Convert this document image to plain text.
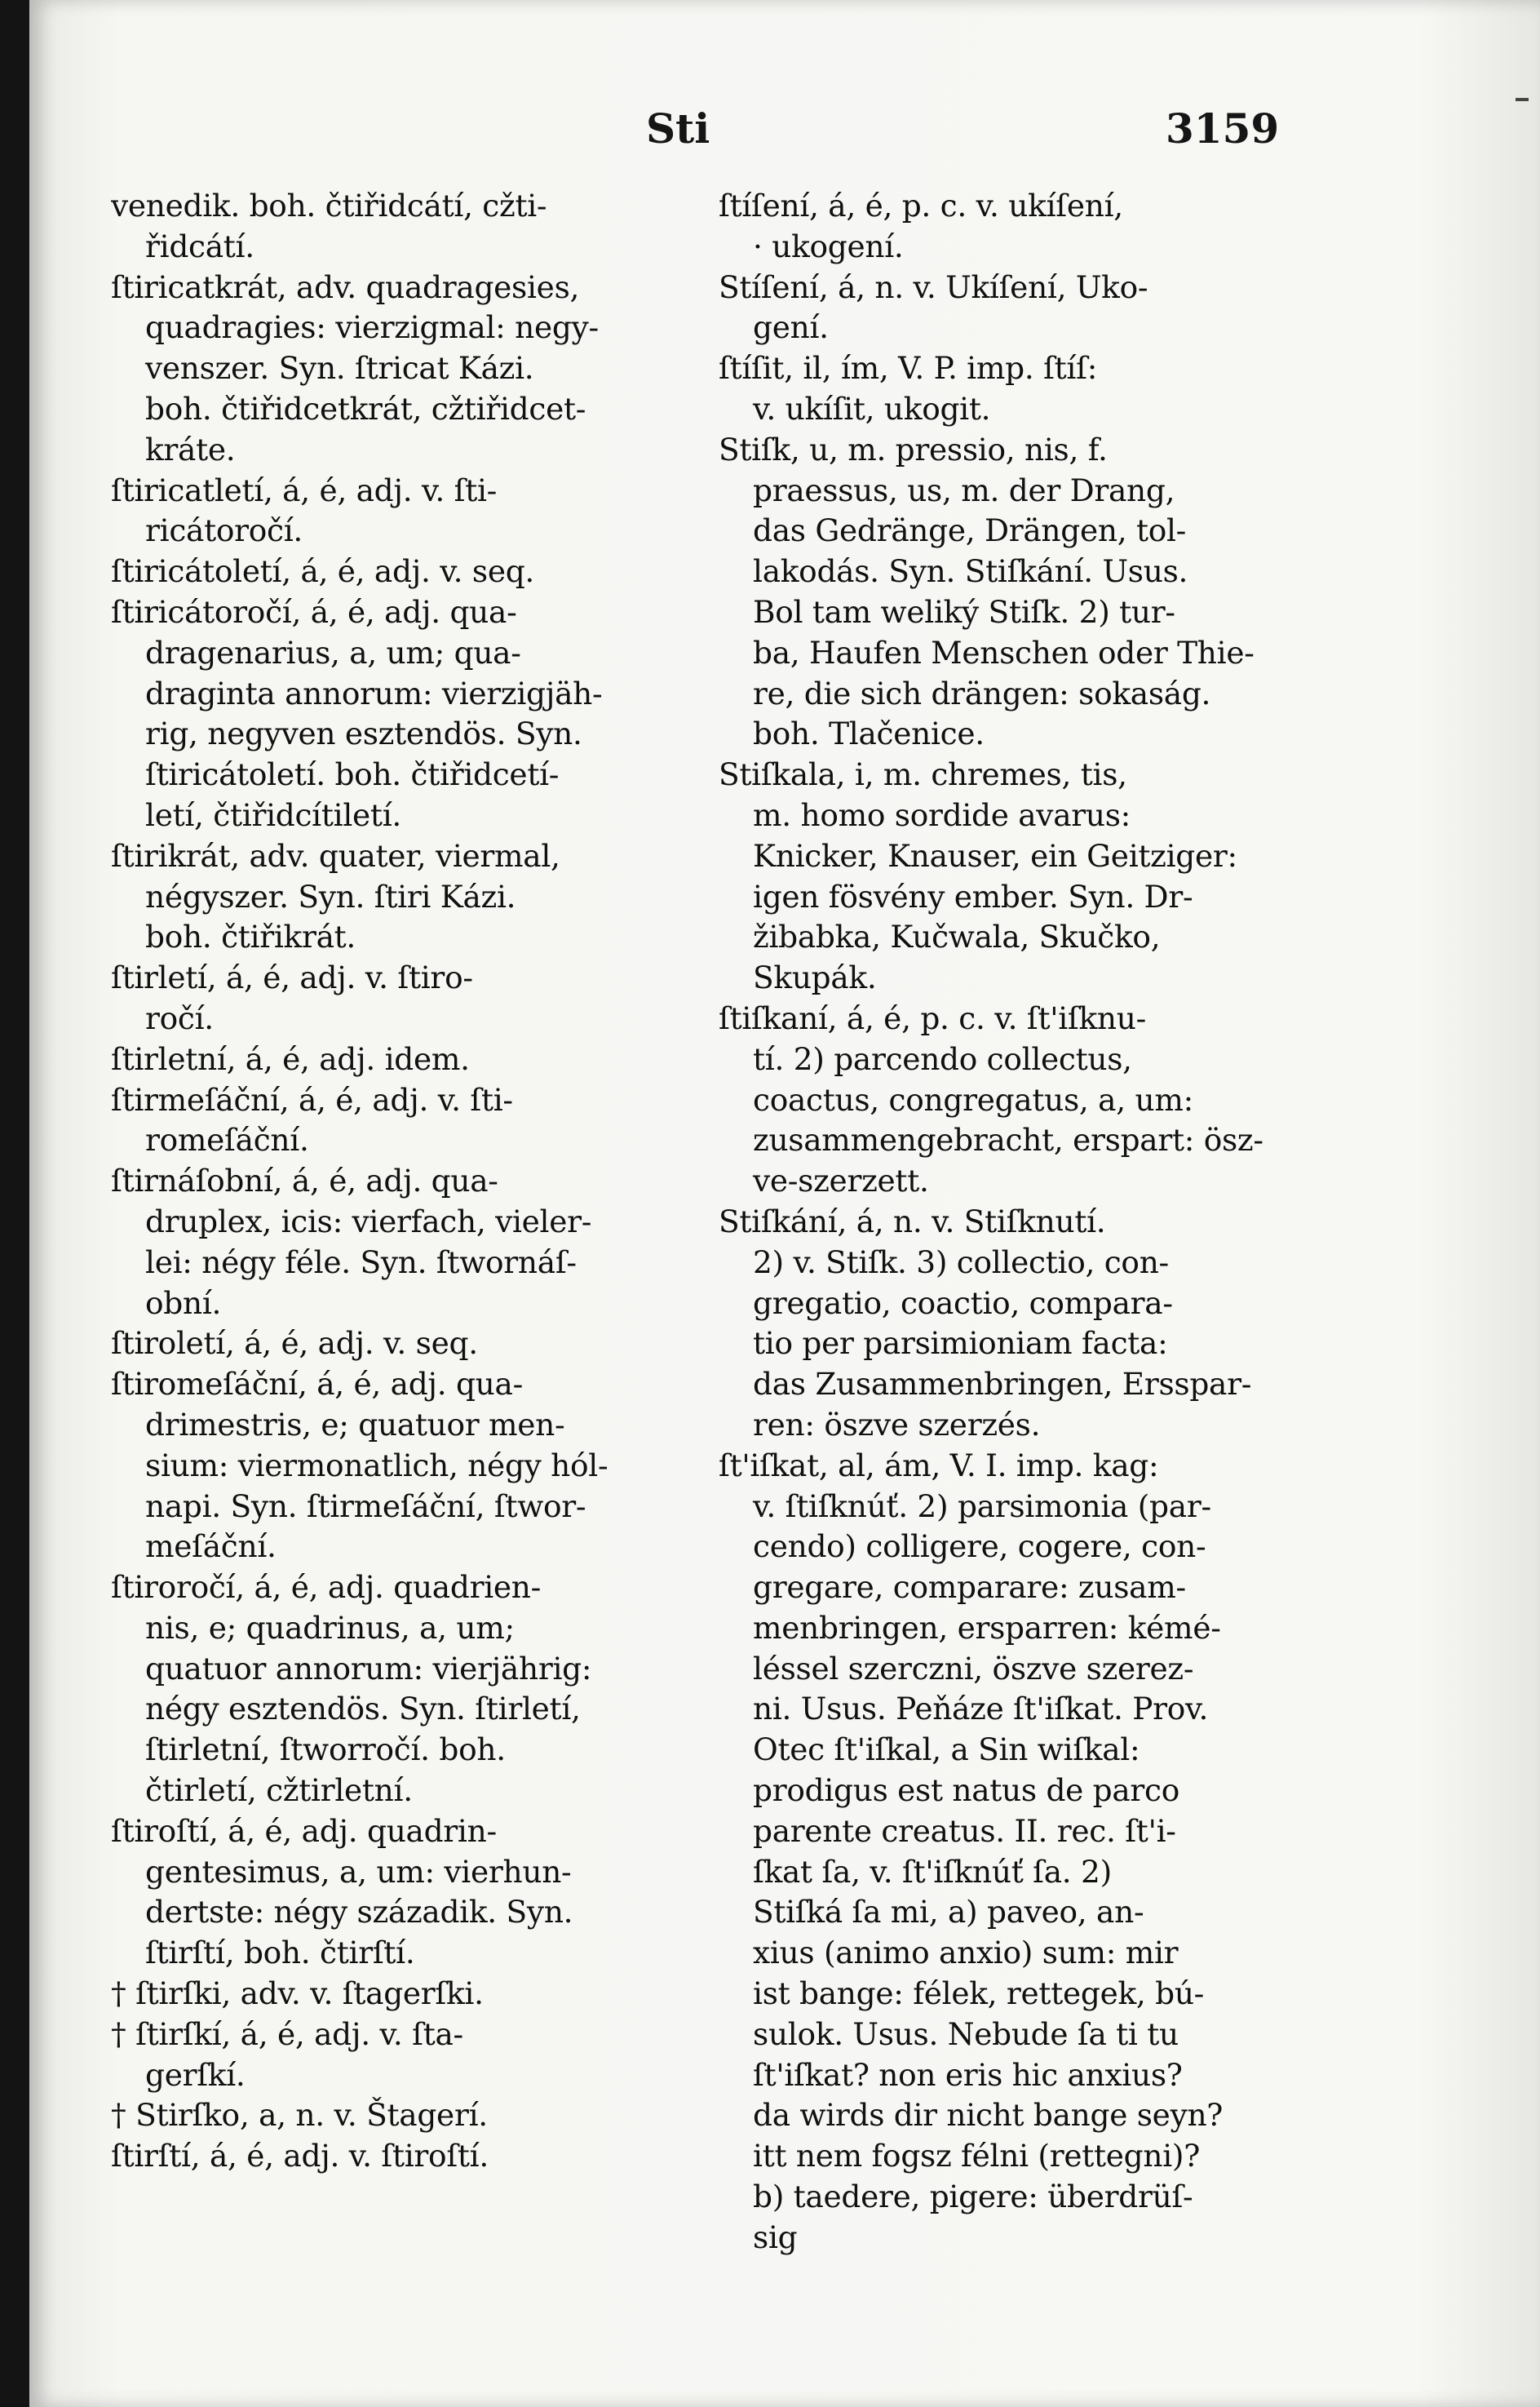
Sti	3159
venedik. boh. čtiřidcátí, cžti-
řidcátí.
ſtiricatkrát, adv. quadragesies,
quadragies: vierzigmal: negy-
venszer. Syn. ſtricat Kázi.
boh. čtiřidcetkrát, cžtiřidcet-
kráte.
ſtiricatletí, á, é, adj. v. ſti-
ricátoročí.
ſtiricátoletí, á, é, adj. v. seq.
ſtiricátoročí, á, é, adj. qua-
dragenarius, a, um; qua-
draginta annorum: vierzigjäh-
rig, negyven esztendös. Syn.
ſtiricátoletí. boh. čtiřidcetí-
letí, čtiřidcítiletí.
ſtirikrát, adv. quater, viermal,
négyszer. Syn. ſtiri Kázi.
boh. čtiřikrát.
ſtirletí, á, é, adj. v. ſtiro-
ročí.
ſtirletní, á, é, adj. idem.
ſtirmeſáční, á, é, adj. v. ſti-
romeſáční.
ſtirnáſobní, á, é, adj. qua-
druplex, icis: vierfach, vieler-
lei: négy féle. Syn. ſtwornáſ-
obní.
ſtiroletí, á, é, adj. v. seq.
ſtiromeſáční, á, é, adj. qua-
drimestris, e; quatuor men-
sium: viermonatlich, négy hól-
napi. Syn. ſtirmeſáční, ſtwor-
meſáční.
ſtiroročí, á, é, adj. quadrien-
nis, e; quadrinus, a, um;
quatuor annorum: vierjährig:
négy esztendös. Syn. ſtirletí,
ſtirletní, ſtworročí. boh.
čtirletí, cžtirletní.
ſtiroſtí, á, é, adj. quadrin-
gentesimus, a, um: vierhun-
dertste: négy századik. Syn.
ſtirſtí, boh. čtirſtí.
† ſtirſki, adv. v. ſtagerſki.
† ſtirſkí, á, é, adj. v. ſta-
gerſkí.
† Stirſko, a, n. v. Štagerí.
ſtirſtí, á, é, adj. v. ſtiroſtí.
ſtíſení, á, é, p. c. v. ukíſení,
· ukogení.
Stíſení, á, n. v. Ukíſení, Uko-
gení.
ſtíſit, il, ím, V. P. imp. ſtíſ:
v. ukíſit, ukogit.
Stiſk, u, m. pressio, nis, f.
praessus, us, m. der Drang,
das Gedränge, Drängen, tol-
lakodás. Syn. Stiſkání. Usus.
Bol tam weliký Stiſk. 2) tur-
ba, Haufen Menschen oder Thie-
re, die sich drängen: sokaság.
boh. Tlačenice.
Stiſkala, i, m. chremes, tis,
m. homo sordide avarus:
Knicker, Knauser, ein Geitziger:
igen fösvény ember. Syn. Dr-
žibabka, Kučwala, Skučko,
Skupák.
ſtiſkaní, á, é, p. c. v. ſt'iſknu-
tí. 2) parcendo collectus,
coactus, congregatus, a, um:
zusammengebracht, erspart: ösz-
ve-szerzett.
Stiſkání, á, n. v. Stiſknutí.
2) v. Stiſk. 3) collectio, con-
gregatio, coactio, compara-
tio per parsimioniam facta:
das Zusammenbringen, Ersspar-
ren: öszve szerzés.
ſt'iſkat, al, ám, V. I. imp. kag:
v. ſtiſknúť. 2) parsimonia (par-
cendo) colligere, cogere, con-
gregare, comparare: zusam-
menbringen, ersparren: kémé-
léssel szerczni, öszve szerez-
ni. Usus. Peňáze ſt'iſkat. Prov.
Otec ſt'iſkal, a Sin wiſkal:
prodigus est natus de parco
parente creatus. II. rec. ſt'i-
ſkat ſa, v. ſt'iſknúť ſa. 2)
Stiſká ſa mi, a) paveo, an-
xius (animo anxio) sum: mir
ist bange: félek, rettegek, bú-
sulok. Usus. Nebude ſa ti tu
ſt'iſkat? non eris hic anxius?
da wirds dir nicht bange seyn?
itt nem fogsz félni (rettegni)?
b) taedere, pigere: überdrüſ-
sig
